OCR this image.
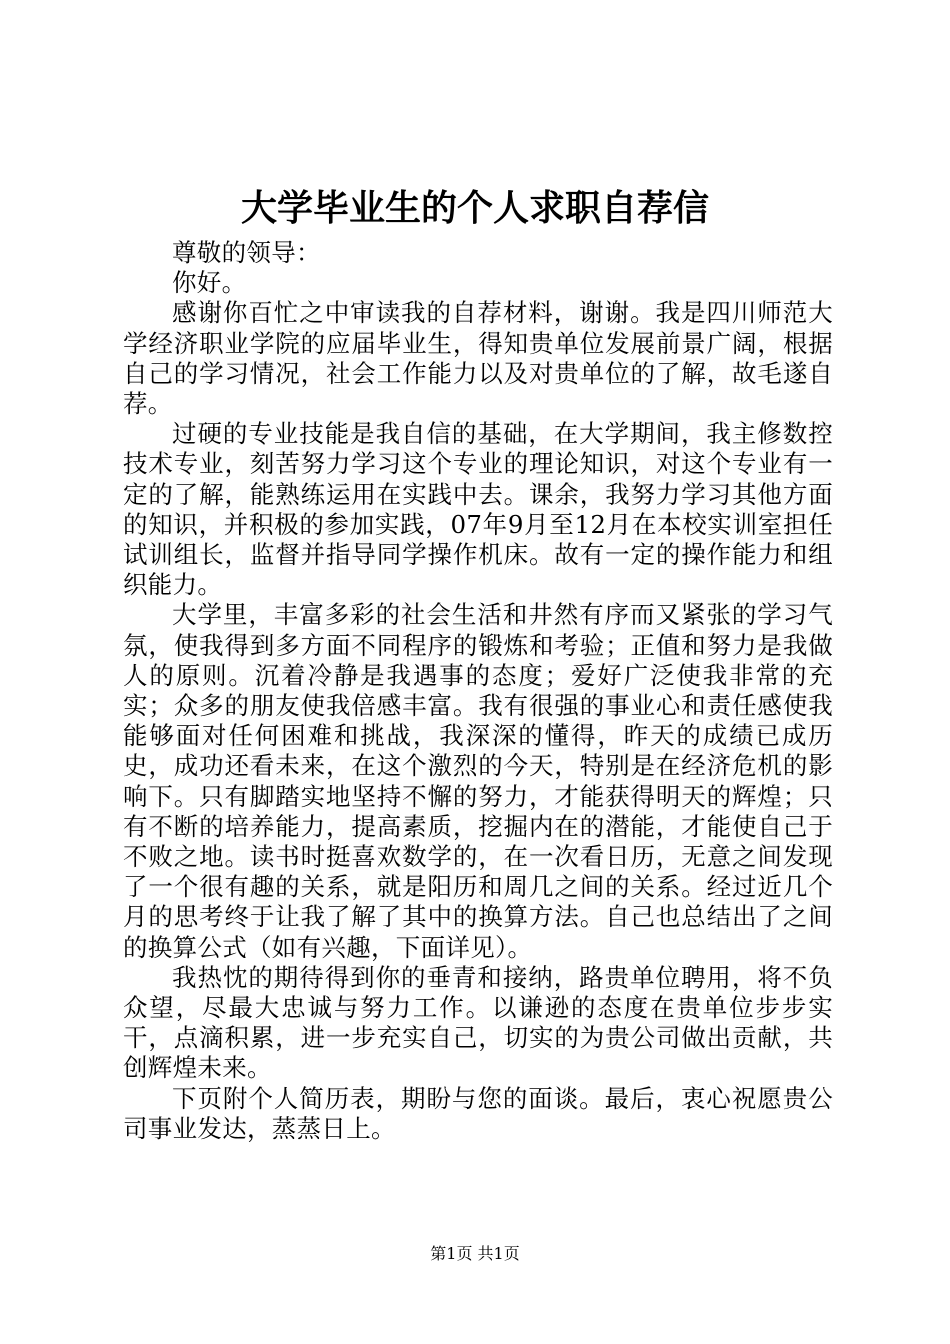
大学毕业生的个人求职自荐信

尊敬的领导：

你好。

感谢你百忙之中审读我的自荐材料，谢谢。我是四川师范大学经济职业学院的应届毕业生，得知贵单位发展前景广阔，根据自己的学习情况，社会工作能力以及对贵单位的了解，故毛遂自荐。

过硬的专业技能是我自信的基础，在大学期间，我主修数控技术专业，刻苦努力学习这个专业的理论知识，对这个专业有一定的了解，能熟练运用在实践中去。课余，我努力学习其他方面的知识，并积极的参加实践，07年9月至12月在本校实训室担任试训组长，监督并指导同学操作机床。故有一定的操作能力和组织能力。

大学里，丰富多彩的社会生活和井然有序而又紧张的学习气氛，使我得到多方面不同程序的锻炼和考验；正值和努力是我做人的原则。沉着冷静是我遇事的态度；爱好广泛使我非常的充实；众多的朋友使我倍感丰富。我有很强的事业心和责任感使我能够面对任何困难和挑战，我深深的懂得，昨天的成绩已成历史，成功还看未来，在这个激烈的今天，特别是在经济危机的影响下。只有脚踏实地坚持不懈的努力，才能获得明天的辉煌；只有不断的培养能力，提高素质，挖掘内在的潜能，才能使自己于不败之地。读书时挺喜欢数学的，在一次看日历，无意之间发现了一个很有趣的关系，就是阳历和周几之间的关系。经过近几个月的思考终于让我了解了其中的换算方法。自己也总结出了之间的换算公式（如有兴趣，下面详见）。

我热忱的期待得到你的垂青和接纳，路贵单位聘用，将不负众望，尽最大忠诚与努力工作。以谦逊的态度在贵单位步步实干，点滴积累，进一步充实自己，切实的为贵公司做出贡献，共创辉煌未来。

下页附个人简历表，期盼与您的面谈。最后，衷心祝愿贵公司事业发达，蒸蒸日上。

第1页 共1页
